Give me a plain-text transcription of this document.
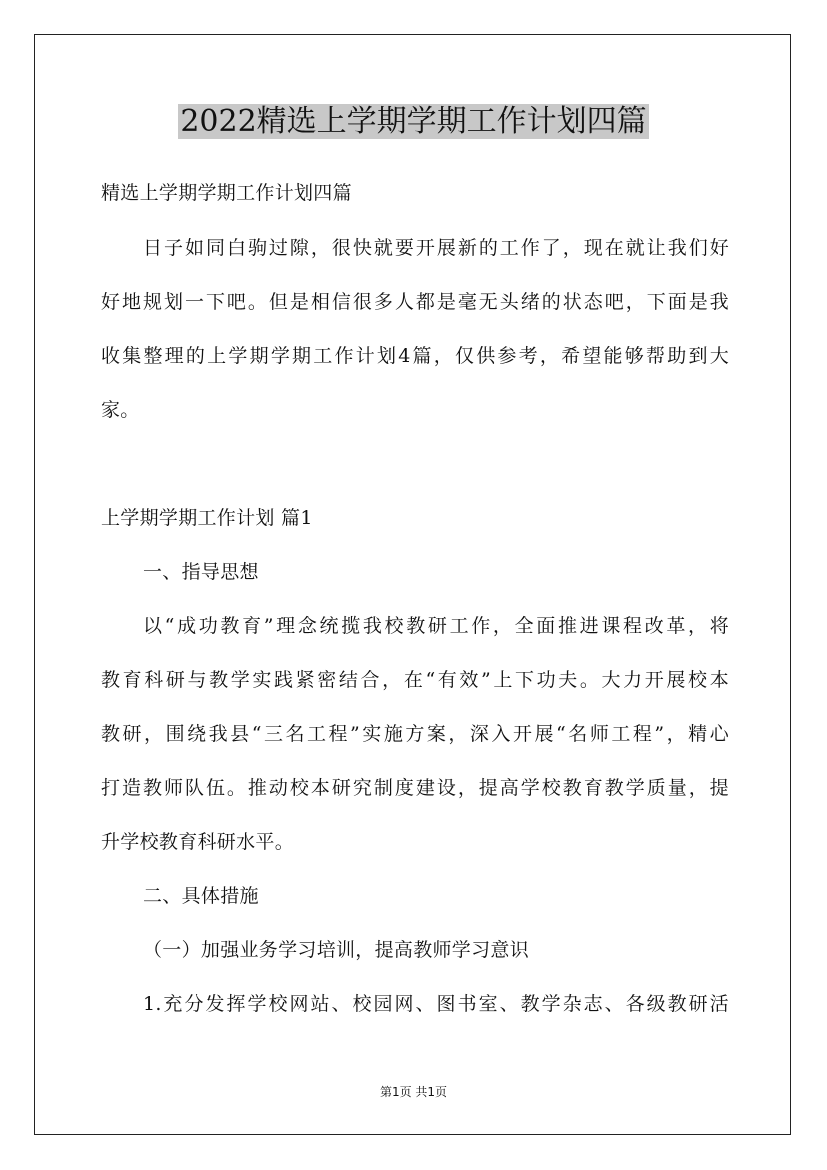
2022精选上学期学期工作计划四篇

精选上学期学期工作计划四篇

日子如同白驹过隙，很快就要开展新的工作了，现在就让我们好

好地规划一下吧。但是相信很多人都是毫无头绪的状态吧，下面是我

收集整理的上学期学期工作计划4篇，仅供参考，希望能够帮助到大

家。

上学期学期工作计划 篇1

一、指导思想

以“成功教育”理念统揽我校教研工作，全面推进课程改革，将

教育科研与教学实践紧密结合，在“有效”上下功夫。大力开展校本

教研，围绕我县“三名工程”实施方案，深入开展“名师工程”，精心

打造教师队伍。推动校本研究制度建设，提高学校教育教学质量，提

升学校教育科研水平。

二、具体措施

（一）加强业务学习培训，提高教师学习意识

1.充分发挥学校网站、校园网、图书室、教学杂志、各级教研活

第1页 共1页
